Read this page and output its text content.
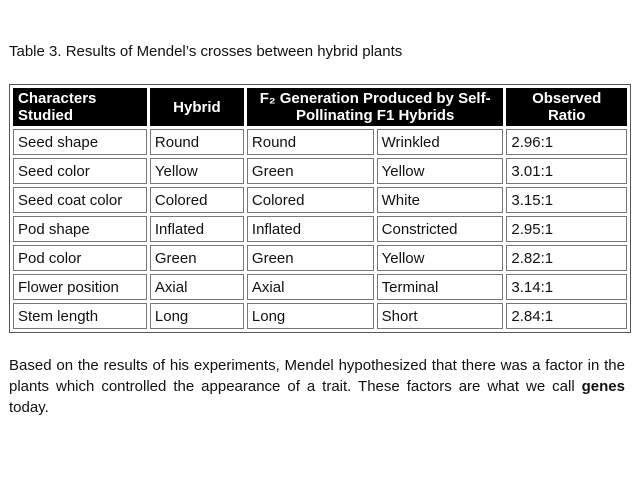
Table 3. Results of Mendel’s crosses between hybrid plants
Characters Studied	Hybrid	F₂ Generation Produced by Self-Pollinating F1 Hybrids		Observed Ratio
Seed shape	Round	Round	Wrinkled	2.96:1
Seed color	Yellow	Green	Yellow	3.01:1
Seed coat color	Colored	Colored	White	3.15:1
Pod shape	Inflated	Inflated	Constricted	2.95:1
Pod color	Green	Green	Yellow	2.82:1
Flower position	Axial	Axial	Terminal	3.14:1
Stem length	Long	Long	Short	2.84:1
Based on the results of his experiments, Mendel hypothesized that there was a factor in the plants which controlled the appearance of a trait. These factors are what we call genes today.
